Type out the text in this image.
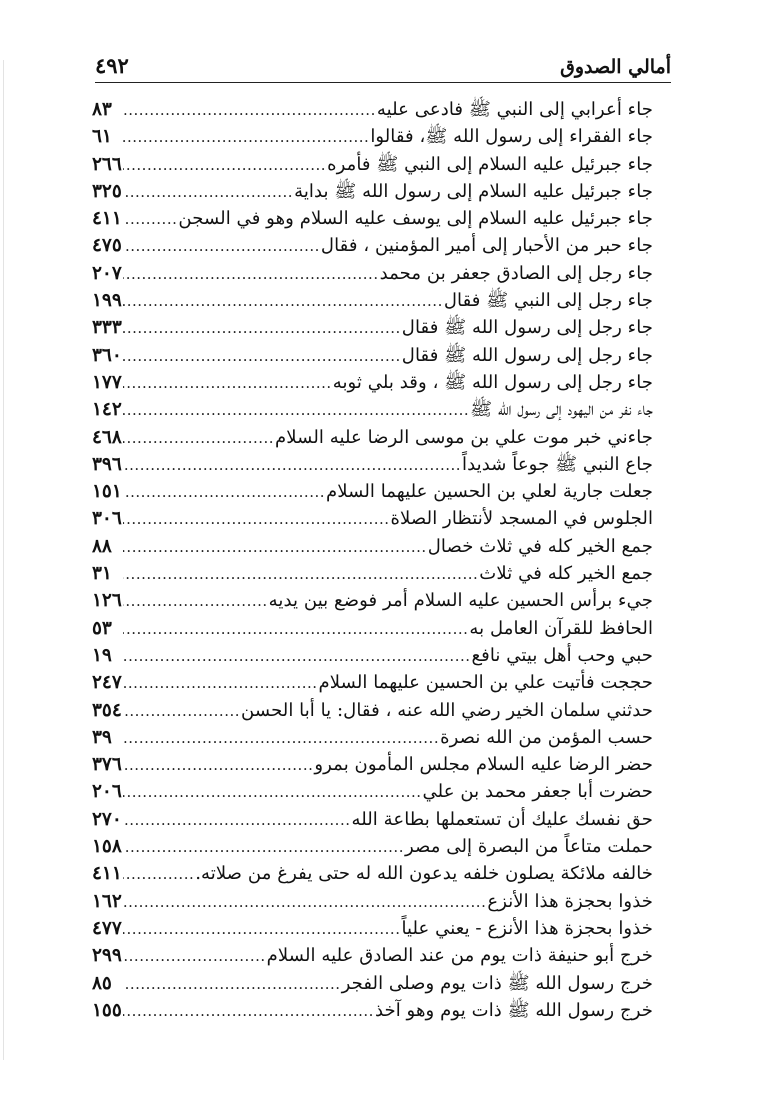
أمالي الصدوق
٤٩٢
جاء أعرابي إلى النبي ﷺ فادعى عليه
.....
٨٣
جاء الفقراء إلى رسول الله ﷺ، فقالوا
.....
٦١
جاء جبرئيل عليه السلام إلى النبي ﷺ فأمره
.....
٢٦٦
جاء جبرئيل عليه السلام إلى رسول الله ﷺ بداية
.....
٣٢٥
جاء جبرئيل عليه السلام إلى يوسف عليه السلام وهو في السجن
.....
٤١١
جاء حبر من الأحبار إلى أمير المؤمنين ، فقال
.....
٤٧٥
جاء رجل إلى الصادق جعفر بن محمد
.....
٢٠٧
جاء رجل إلى النبي ﷺ فقال
.....
١٩٩
جاء رجل إلى رسول الله ﷺ فقال
.....
٣٣٣
جاء رجل إلى رسول الله ﷺ فقال
.....
٣٦٠
جاء رجل إلى رسول الله ﷺ ، وقد بلي ثوبه
.....
١٧٧
جاء نفر من اليهود إلى رسول الله ﷺ
.....
١٤٢
جاءني خبر موت علي بن موسى الرضا عليه السلام
.....
٤٦٨
جاع النبي ﷺ جوعاً شديداً
.....
٣٩٦
جعلت جارية لعلي بن الحسين عليهما السلام
.....
١٥١
الجلوس في المسجد لأنتظار الصلاة
.....
٣٠٦
جمع الخير كله في ثلاث خصال
.....
٨٨
جمع الخير كله في ثلاث
.....
٣١
جيء برأس الحسين عليه السلام أمر فوضع بين يديه
.....
١٢٦
الحافظ للقرآن العامل به
.....
٥٣
حبي وحب أهل بيتي نافع
.....
١٩
حججت فأتيت علي بن الحسين عليهما السلام
.....
٢٤٧
حدثني سلمان الخير رضي الله عنه ، فقال: يا أبا الحسن
.....
٣٥٤
حسب المؤمن من الله نصرة
.....
٣٩
حضر الرضا عليه السلام مجلس المأمون بمرو
.....
٣٧٦
حضرت أبا جعفر محمد بن علي
.....
٢٠٦
حق نفسك عليك أن تستعملها بطاعة الله
.....
٢٧٠
حملت متاعاً من البصرة إلى مصر
.....
١٥٨
خالفه ملائكة يصلون خلفه يدعون الله له حتى يفرغ من صلاته.
.....
٤١١
خذوا بحجزة هذا الأنزع
.....
١٦٢
خذوا بحجزة هذا الأنزع - يعني علياً
.....
٤٧٧
خرج أبو حنيفة ذات يوم من عند الصادق عليه السلام
.....
٢٩٩
خرج رسول الله ﷺ ذات يوم وصلى الفجر
.....
٨٥
خرج رسول الله ﷺ ذات يوم وهو آخذ
.....
١٥٥
